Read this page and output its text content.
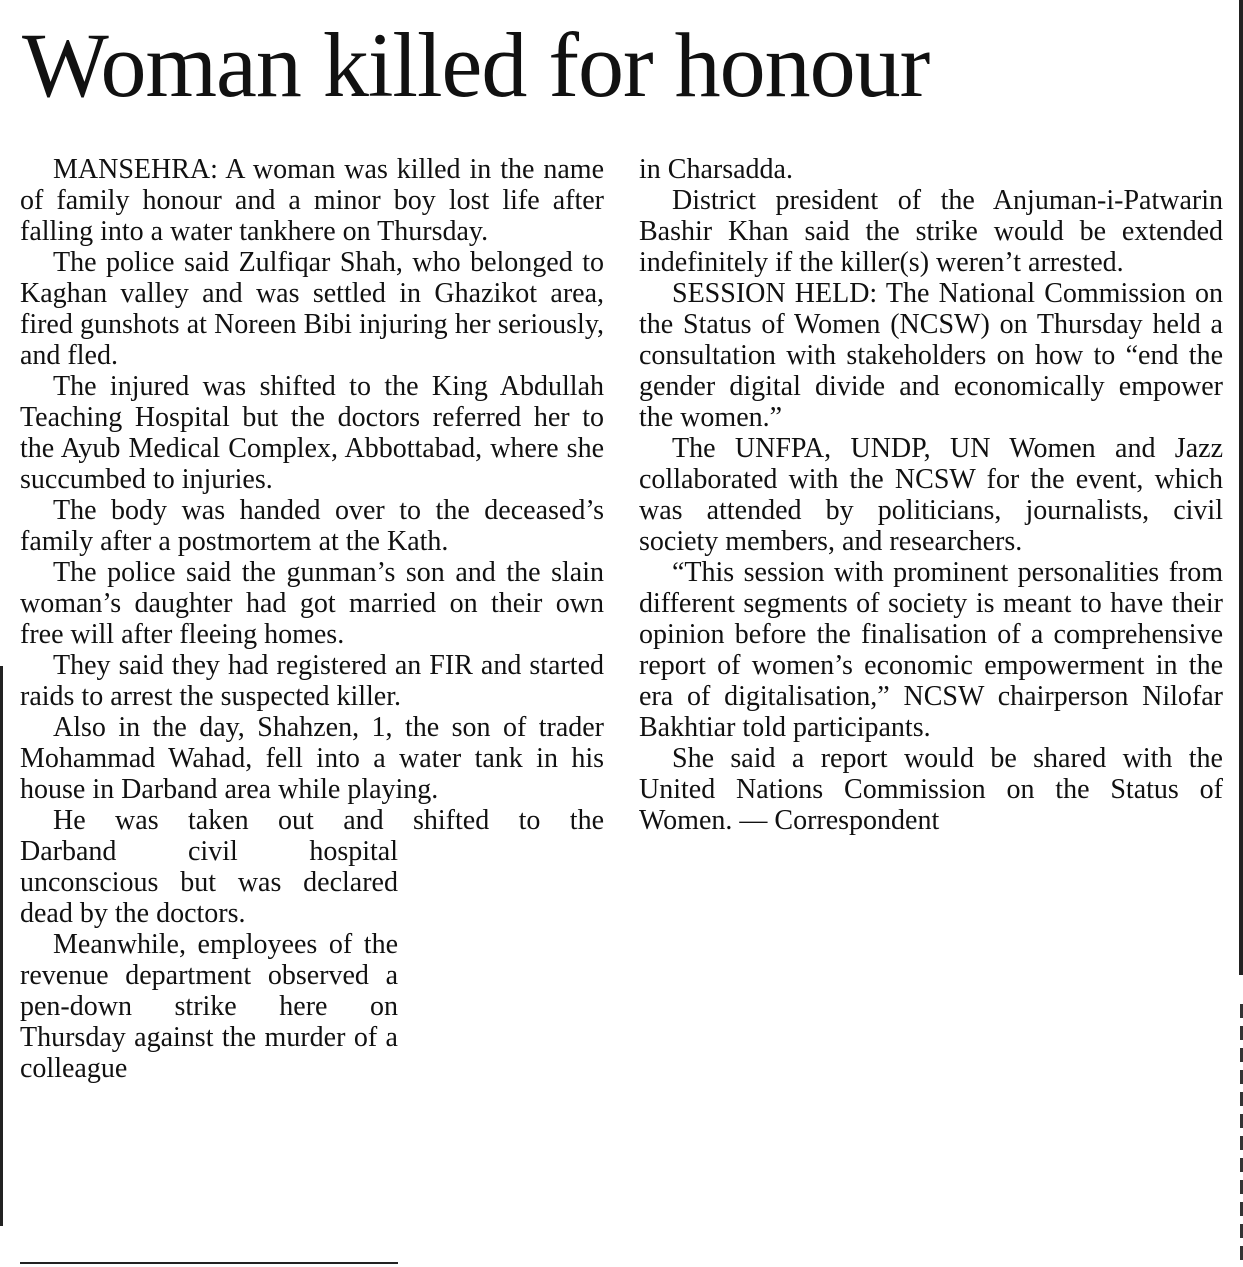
Woman killed for honour

MANSEHRA: A woman was killed in the name of family honour and a minor boy lost life after falling into a water tankhere on Thursday.

The police said Zulfiqar Shah, who belonged to Kaghan valley and was settled in Ghazikot area, fired gunshots at Noreen Bibi injuring her seriously, and fled.

The injured was shifted to the King Abdullah Teaching Hospital but the doctors referred her to the Ayub Medical Complex, Abbottabad, where she succumbed to injuries.

The body was handed over to the deceased’s family after a postmortem at the Kath.

The police said the gunman’s son and the slain woman’s daughter had got married on their own free will after fleeing homes.

They said they had registered an FIR and started raids to arrest the suspected killer.

Also in the day, Shahzen, 1, the son of trader Mohammad Wahad, fell into a water tank in his house in Darband area while playing.

He was taken out and shifted to the

Darband civil hospital unconscious but was declared dead by the doctors.

Meanwhile, employees of the revenue department observed a pen-down strike here on Thursday against the murder of a colleague

in Charsadda.

District president of the Anjuman-i-Patwarin Bashir Khan said the strike would be extended indefinitely if the killer(s) weren’t arrested.

SESSION HELD: The National Commission on the Status of Women (NCSW) on Thursday held a consultation with stakeholders on how to “end the gender digital divide and economically empower the women.”

The UNFPA, UNDP, UN Women and Jazz collaborated with the NCSW for the event, which was attended by politicians, journalists, civil society members, and researchers.

“This session with prominent personalities from different segments of society is meant to have their opinion before the finalisation of a comprehensive report of women’s economic empowerment in the era of digitalisation,” NCSW chairperson Nilofar Bakhtiar told participants.

She said a report would be shared with the United Nations Commission on the Status of Women. — Correspondent
